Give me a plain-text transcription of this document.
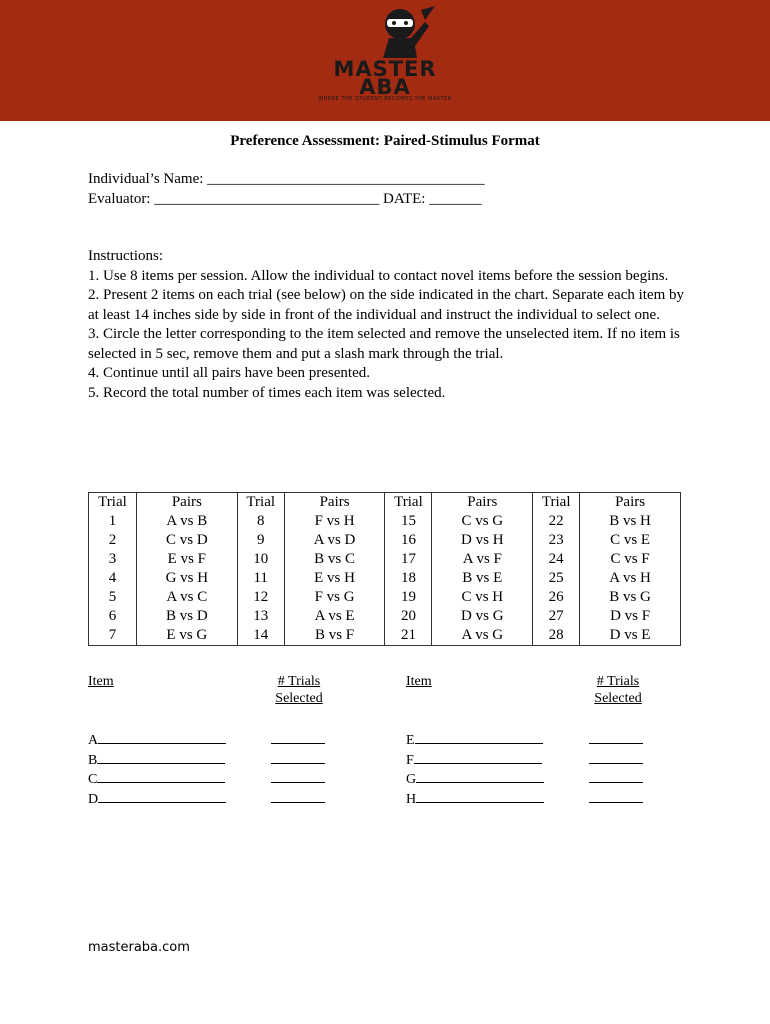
MASTER
ABA
WHERE THE STUDENT BECOMES THE MASTER
Preference Assessment: Paired-Stimulus Format
Individual’s Name: _____________________________________
Evaluator: ______________________________ DATE: _______

Instructions:

1. Use 8 items per session. Allow the individual to contact novel items before the session begins.

2. Present 2 items on each trial (see below) on the side indicated in the chart. Separate each item by at least 14 inches side by side in front of the individual and instruct the individual to select one.

3. Circle the letter corresponding to the item selected and remove the unselected item. If no item is selected in 5 sec, remove them and put a slash mark through the trial.

4. Continue until all pairs have been presented.

5. Record the total number of times each item was selected.

Trial	Pairs	Trial	Pairs	Trial	Pairs	Trial	Pairs
1	A vs B	8	F vs H	15	C vs G	22	B vs H
2	C vs D	9	A vs D	16	D vs H	23	C vs E
3	E vs F	10	B vs C	17	A vs F	24	C vs F
4	G vs H	11	E vs H	18	B vs E	25	A vs H
5	A vs C	12	F vs G	19	C vs H	26	B vs G
6	B vs D	13	A vs E	20	D vs G	27	D vs F
7	E vs G	14	B vs F	21	A vs G	28	D vs E
Item	# Trials
Selected
Item	# Trials
Selected
A
B
C
D
E
F
G
H
masteraba.com
